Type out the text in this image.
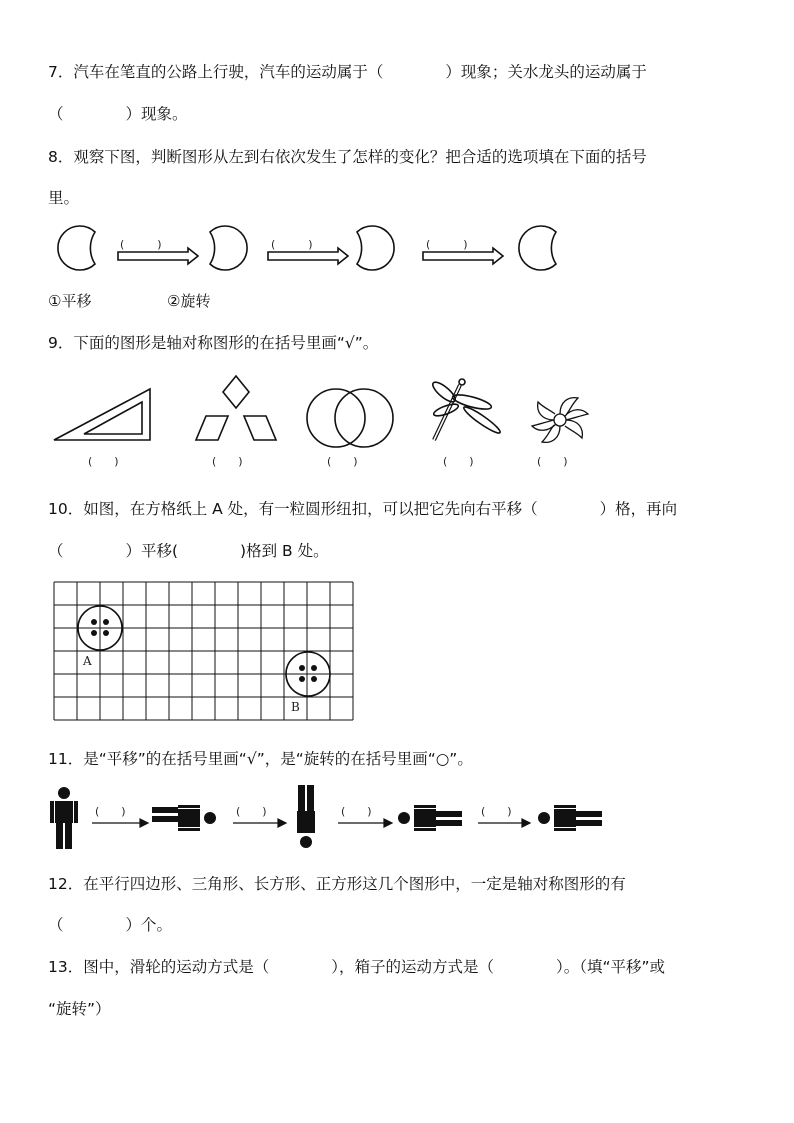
7．汽车在笔直的公路上行驶，汽车的运动属于（　　　　）现象；关水龙头的运动属于
（　　　　）现象。
8．观察下图，判断图形从左到右依次发生了怎样的变化？把合适的选项填在下面的括号
里。
(　　　)	(　　　)	(　　　)
①平移	②旋转
9．下面的图形是轴对称图形的在括号里画“√”。
(　　)	(　　)	(　　)	(　　)	(　　)
10．如图，在方格纸上 A 处，有一粒圆形纽扣，可以把它先向右平移（　　　　）格，再向
（　　　　）平移(　　　　)格到 B 处。
A
B
11．是“平移”的在括号里画“√”，是“旋转的在括号里画“○”。
(　　)	(　　)	(　　)	(　　)
12．在平行四边形、三角形、长方形、正方形这几个图形中，一定是轴对称图形的有
（　　　　）个。
13．图中，滑轮的运动方式是（　　　　），箱子的运动方式是（　　　　）。（填“平移”或
“旋转”）
